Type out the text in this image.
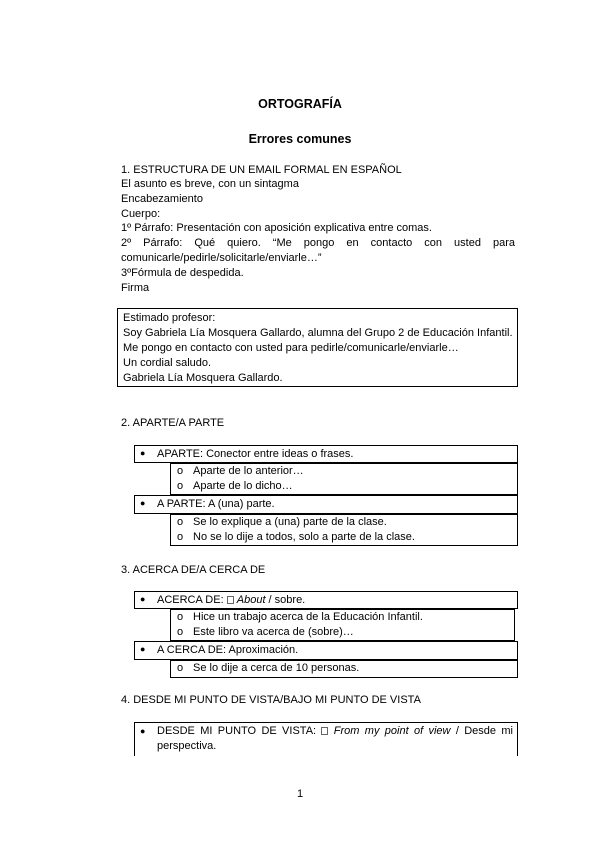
ORTOGRAFÍA
Errores comunes
1. ESTRUCTURA DE UN EMAIL FORMAL EN ESPAÑOL
El asunto es breve, con un sintagma
Encabezamiento
Cuerpo:
1º Párrafo: Presentación con aposición explicativa entre comas.
2º Párrafo: Qué quiero. “Me pongo en contacto con usted para
comunicarle/pedirle/solicitarle/enviarle…”
3ºFórmula de despedida.
Firma
Estimado profesor:
Soy Gabriela Lía Mosquera Gallardo, alumna del Grupo 2 de Educación Infantil.
Me pongo en contacto con usted para pedirle/comunicarle/enviarle…
Un cordial saludo.
Gabriela Lía Mosquera Gallardo.
2. APARTE/A PARTE
● APARTE: Conector entre ideas o frases.
o Aparte de lo anterior…
o Aparte de lo dicho…
● A PARTE: A (una) parte.
o Se lo explique a (una) parte de la clase.
o No se lo dije a todos, solo a parte de la clase.
3. ACERCA DE/A CERCA DE
● ACERCA DE:  About / sobre.
o Hice un trabajo acerca de la Educación Infantil.
o Este libro va acerca de (sobre)…
● A CERCA DE: Aproximación.
o Se lo dije a cerca de 10 personas.
4. DESDE MI PUNTO DE VISTA/BAJO MI PUNTO DE VISTA
● DESDE MI PUNTO DE VISTA:  From my point of view / Desde mi
perspectiva.
1
